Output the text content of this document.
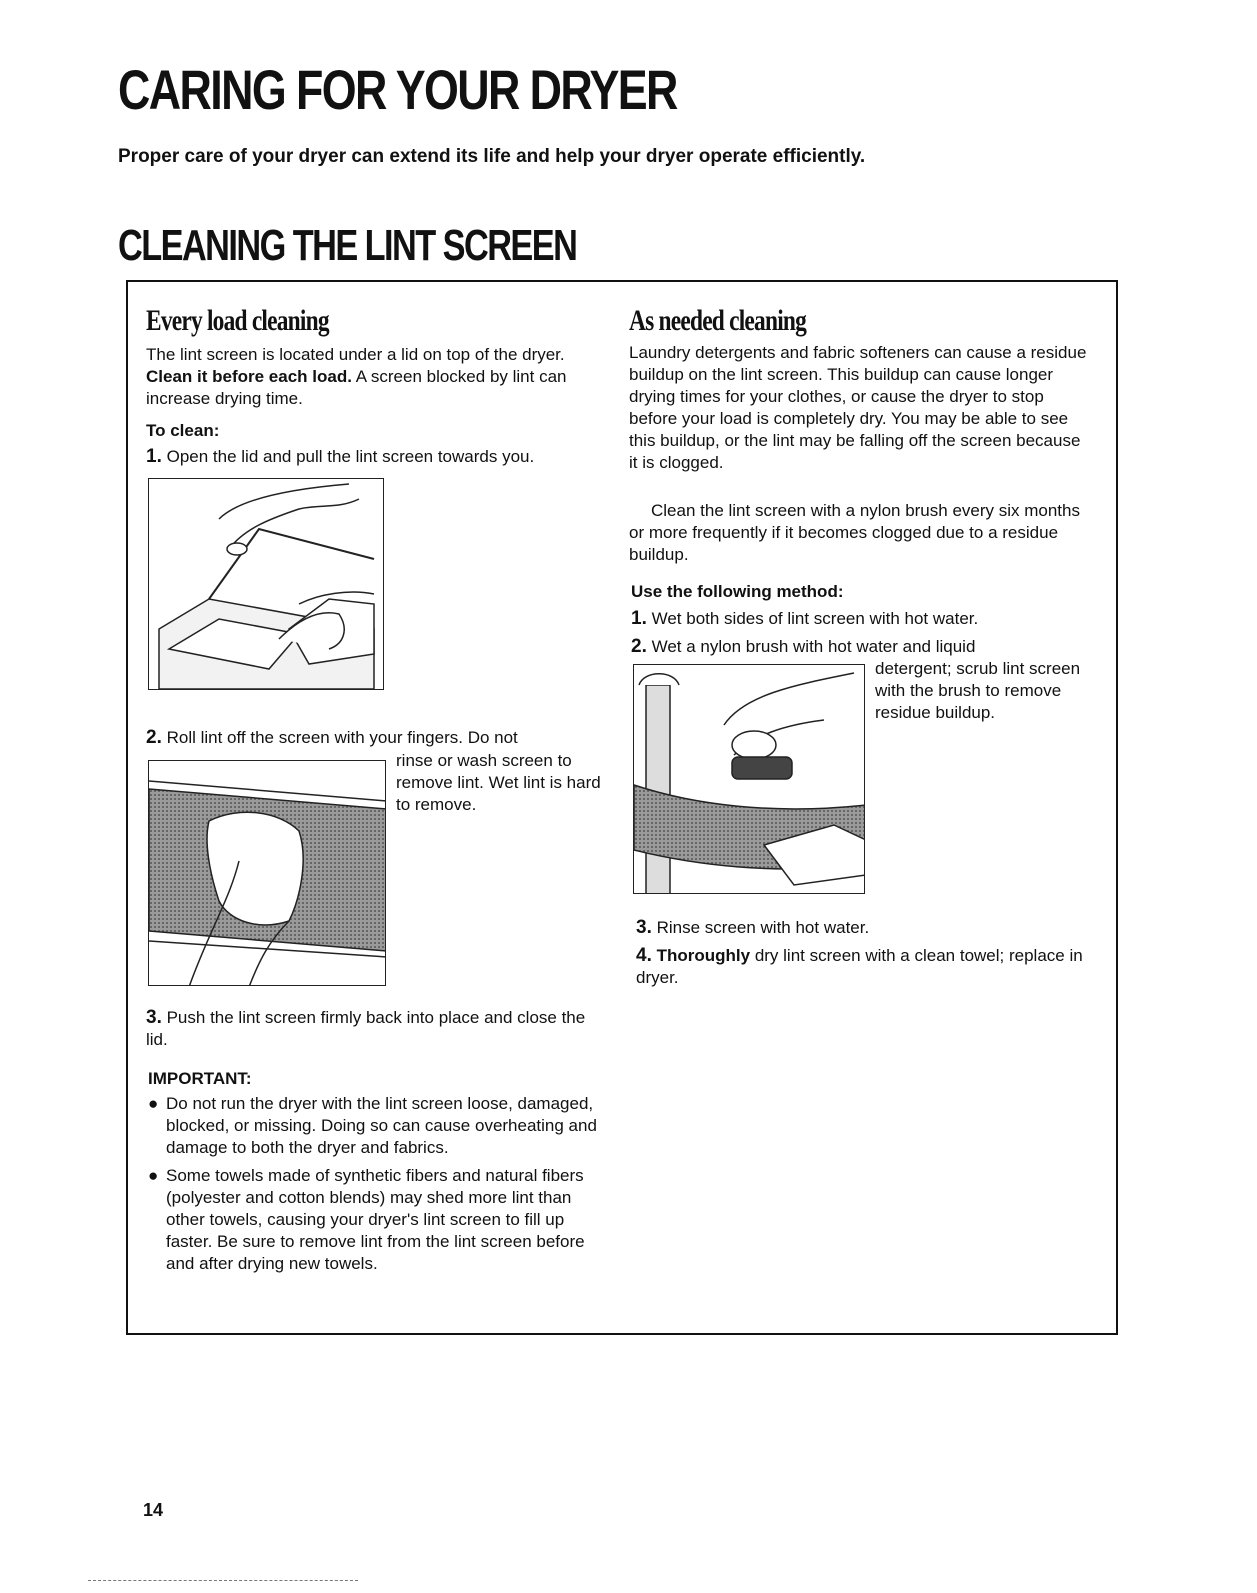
CARING FOR YOUR DRYER

Proper care of your dryer can extend its life and help your dryer operate efficiently.

CLEANING THE LINT SCREEN
Every load cleaning

The lint screen is located under a lid on top of the dryer. Clean it before each load. A screen blocked by lint can increase drying time.

To clean:

1. Open the lid and pull the lint screen towards you.

2. Roll lint off the screen with your fingers. Do not

rinse or wash screen to remove lint. Wet lint is hard to remove.

3. Push the lint screen firmly back into place and close the lid.

IMPORTANT:

● Do not run the dryer with the lint screen loose, damaged, blocked, or missing. Doing so can cause overheating and damage to both the dryer and fabrics.
● Some towels made of synthetic fibers and natural fibers (polyester and cotton blends) may shed more lint than other towels, causing your dryer's lint screen to fill up faster. Be sure to remove lint from the lint screen before and after drying new towels.
As needed cleaning

Laundry detergents and fabric softeners can cause a residue buildup on the lint screen. This buildup can cause longer drying times for your clothes, or cause the dryer to stop before your load is completely dry. You may be able to see this buildup, or the lint may be falling off the screen because it is clogged.

Clean the lint screen with a nylon brush every six months or more frequently if it becomes clogged due to a residue buildup.

Use the following method:

1. Wet both sides of lint screen with hot water.

2. Wet a nylon brush with hot water and liquid

detergent; scrub lint screen with the brush to remove residue buildup.

3. Rinse screen with hot water.

4. Thoroughly dry lint screen with a clean towel; replace in dryer.

14
